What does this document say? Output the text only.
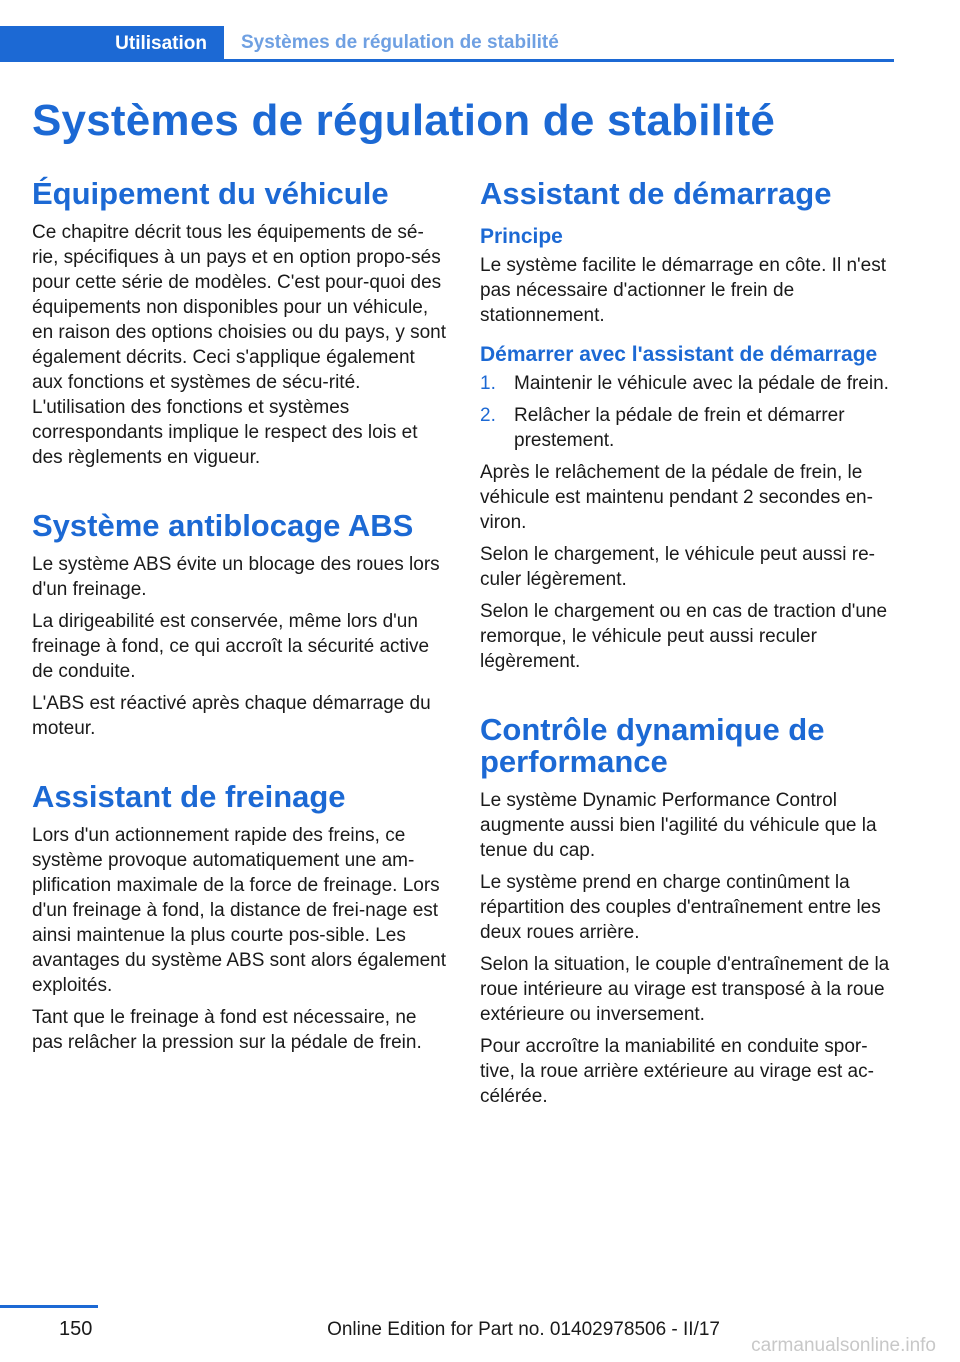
Utilisation	Systèmes de régulation de stabilité
Systèmes de régulation de stabilité
Équipement du véhicule

Ce chapitre décrit tous les équipements de sé‐rie, spécifiques à un pays et en option propo‐sés pour cette série de modèles. C'est pour‐quoi des équipements non disponibles pour un véhicule, en raison des options choisies ou du pays, y sont également décrits. Ceci s'applique également aux fonctions et systèmes de sécu‐rité. L'utilisation des fonctions et systèmes correspondants implique le respect des lois et des règlements en vigueur.

Système antiblocage ABS

Le système ABS évite un blocage des roues lors d'un freinage.

La dirigeabilité est conservée, même lors d'un freinage à fond, ce qui accroît la sécurité active de conduite.

L'ABS est réactivé après chaque démarrage du moteur.

Assistant de freinage

Lors d'un actionnement rapide des freins, ce système provoque automatiquement une am‐plification maximale de la force de freinage. Lors d'un freinage à fond, la distance de frei‐nage est ainsi maintenue la plus courte pos‐sible. Les avantages du système ABS sont alors également exploités.

Tant que le freinage à fond est nécessaire, ne pas relâcher la pression sur la pédale de frein.

Assistant de démarrage
Principe

Le système facilite le démarrage en côte. Il n'est pas nécessaire d'actionner le frein de stationnement.

Démarrer avec l'assistant de démarrage
1. Maintenir le véhicule avec la pédale de frein.
2. Relâcher la pédale de frein et démarrer prestement.

Après le relâchement de la pédale de frein, le véhicule est maintenu pendant 2 secondes en‐viron.

Selon le chargement, le véhicule peut aussi re‐culer légèrement.

Selon le chargement ou en cas de traction d'une remorque, le véhicule peut aussi reculer légèrement.

Contrôle dynamique de performance

Le système Dynamic Performance Control augmente aussi bien l'agilité du véhicule que la tenue du cap.

Le système prend en charge continûment la répartition des couples d'entraînement entre les deux roues arrière.

Selon la situation, le couple d'entraînement de la roue intérieure au virage est transposé à la roue extérieure ou inversement.

Pour accroître la maniabilité en conduite spor‐tive, la roue arrière extérieure au virage est ac‐célérée.

150	Online Edition for Part no. 01402978506 - II/17
carmanualsonline.info
